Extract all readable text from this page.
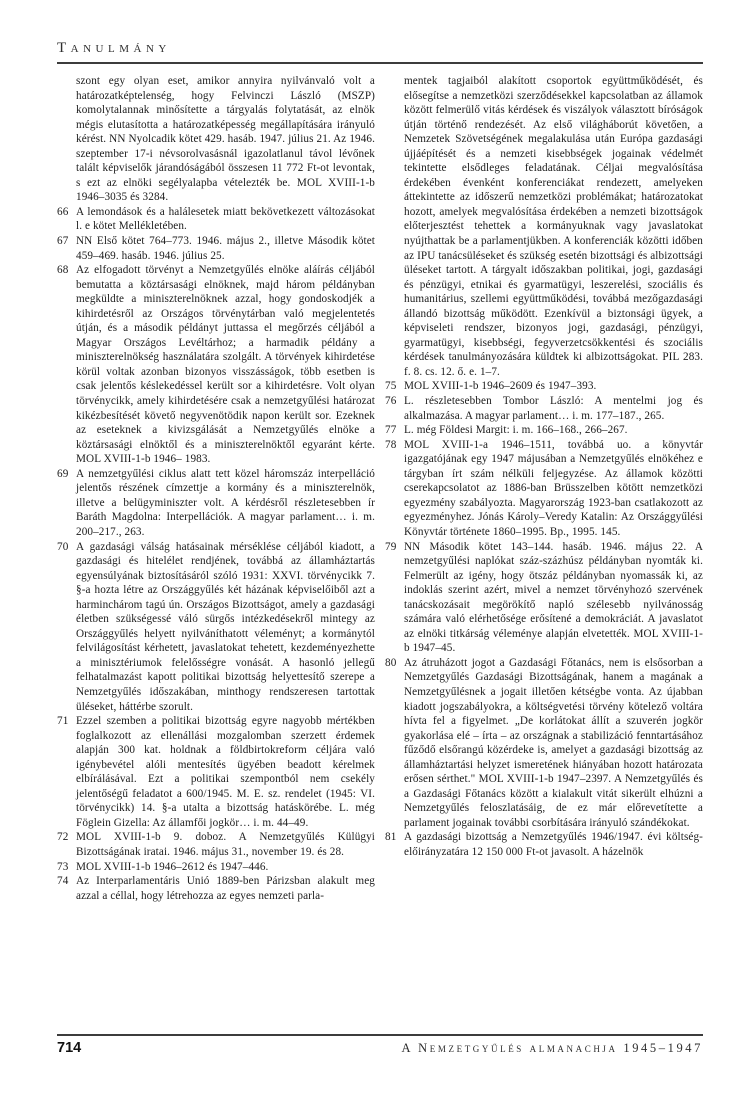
Tanulmány

szont egy olyan eset, amikor annyira nyilvánvaló volt a határozatképtelenség, hogy Felvinczi László (MSZP) komolytalannak minősítette a tárgyalás folytatását, az elnök mégis elutasította a határozatképesség megállapítására irányuló kérést. NN Nyolcadik kötet 429. hasáb. 1947. július 21. Az 1946. szeptember 17-i névsorolvasásnál igazolatlanul távol lévőnek talált képviselők járandóságából összesen 11 772 Ft-ot levontak, s ezt az elnöki segélyalapba vételezték be. MOL XVIII-1-b 1946–3035 és 3284.

66 A lemondások és a halálesetek miatt bekövetkezett változásokat l. e kötet Mellékletében.
67 NN Első kötet 764–773. 1946. május 2., illetve Második kötet 459–469. hasáb. 1946. július 25.
68 Az elfogadott törvényt a Nemzetgyűlés elnöke aláírás céljából bemutatta a köztársasági elnöknek, majd három példányban megküldte a miniszterelnöknek azzal, hogy gondoskodjék a kihirdetésről az Országos törvénytárban való megjelentetés útján, és a második példányt juttassa el megőrzés céljából a Magyar Országos Levéltárhoz; a harmadik példány a miniszterelnökség használatára szolgált. A törvények kihirdetése körül voltak azonban bizonyos visszásságok, több esetben is csak jelentős késlekedéssel került sor a kihirdetésre. Volt olyan törvénycikk, amely kihirdetésére csak a nemzetgyűlési határozat kikézbesítését követő negyvenötödik napon került sor. Ezeknek az eseteknek a kivizsgálását a Nemzetgyűlés elnöke a köztársasági elnöktől és a miniszterelnöktől egyaránt kérte. MOL XVIII-1-b 1946– 1983.
69 A nemzetgyűlési ciklus alatt tett közel háromszáz interpelláció jelentős részének címzettje a kormány és a miniszterelnök, illetve a belügyminiszter volt. A kérdésről részletesebben ír Baráth Magdolna: Interpellációk. A magyar parlament… i. m. 200–217., 263.
70 A gazdasági válság hatásainak mérséklése céljából kiadott, a gazdasági és hitelélet rendjének, továbbá az államháztartás egyensúlyának biztosításáról szóló 1931: XXVI. törvénycikk 7. §-a hozta létre az Országgyűlés két házának képviselőiből azt a harminchárom tagú ún. Országos Bizottságot, amely a gazdasági életben szükségessé váló sürgős intézkedésekről mintegy az Országgyűlés helyett nyilváníthatott véleményt; a kormánytól felvilágosítást kérhetett, javaslatokat tehetett, kezdeményezhette a minisztériumok felelősségre vonását. A hasonló jellegű felhatalmazást kapott politikai bizottság helyettesítő szerepe a Nemzetgyűlés időszakában, minthogy rendszeresen tartottak üléseket, háttérbe szorult.
71 Ezzel szemben a politikai bizottság egyre nagyobb mértékben foglalkozott az ellenállási mozgalomban szerzett érdemek alapján 300 kat. holdnak a földbirtokreform céljára való igénybevétel alóli mentesítés ügyében beadott kérelmek elbírálásával. Ezt a politikai szempontból nem csekély jelentőségű feladatot a 600/1945. M. E. sz. rendelet (1945: VI. törvénycikk) 14. §-a utalta a bizottság hatáskörébe. L. még Föglein Gizella: Az államfői jogkör… i. m. 44–49.
72 MOL XVIII-1-b 9. doboz. A Nemzetgyűlés Külügyi Bizottságának iratai. 1946. május 31., november 19. és 28.
73 MOL XVIII-1-b 1946–2612 és 1947–446.
74 Az Interparlamentáris Unió 1889-ben Párizsban alakult meg azzal a céllal, hogy létrehozza az egyes nemzeti parla-

mentek tagjaiból alakított csoportok együttműködését, és elősegítse a nemzetközi szerződésekkel kapcsolatban az államok között felmerülő vitás kérdések és viszályok választott bíróságok útján történő rendezését. Az első világháborút követően, a Nemzetek Szövetségének megalakulása után Európa gazdasági újjáépítését és a nemzeti kisebbségek jogainak védelmét tekintette elsődleges feladatának. Céljai megvalósítása érdekében évenként konferenciákat rendezett, amelyeken áttekintette az időszerű nemzetközi problémákat; határozatokat hozott, amelyek megvalósítása érdekében a nemzeti bizottságok előterjesztést tehettek a kormányuknak vagy javaslatokat nyújthattak be a parlamentjükben. A konferenciák közötti időben az IPU tanácsüléseket és szükség esetén bizottsági és albizottsági üléseket tartott. A tárgyalt időszakban politikai, jogi, gazdasági és pénzügyi, etnikai és gyarmatügyi, leszerelési, szociális és humanitárius, szellemi együttműködési, továbbá mezőgazdasági állandó bizottság működött. Ezenkívül a biztonsági ügyek, a képviseleti rendszer, bizonyos jogi, gazdasági, pénzügyi, gyarmatügyi, kisebbségi, fegyverzetcsökkentési és szociális kérdések tanulmányozására küldtek ki albizottságokat. PIL 283. f. 8. cs. 12. ő. e. 1–7.

75 MOL XVIII-1-b 1946–2609 és 1947–393.
76 L. részletesebben Tombor László: A mentelmi jog és alkalmazása. A magyar parlament… i. m. 177–187., 265.
77 L. még Földesi Margit: i. m. 166–168., 266–267.
78 MOL XVIII-1-a 1946–1511, továbbá uo. a könyvtár igazgatójának egy 1947 májusában a Nemzetgyűlés elnökéhez e tárgyban írt szám nélküli feljegyzése. Az államok közötti cserekapcsolatot az 1886-ban Brüsszelben kötött nemzetközi egyezmény szabályozta. Magyarország 1923-ban csatlakozott az egyezményhez. Jónás Károly–Veredy Katalin: Az Országgyűlési Könyvtár története 1860–1995. Bp., 1995. 145.
79 NN Második kötet 143–144. hasáb. 1946. május 22. A nemzetgyűlési naplókat száz-százhúsz példányban nyomták ki. Felmerült az igény, hogy ötszáz példányban nyomassák ki, az indoklás szerint azért, mivel a nemzet törvényhozó szervének tanácskozásait megörökítő napló szélesebb nyilvánosság számára való elérhetősége erősítené a demokráciát. A javaslatot az elnöki titkárság véleménye alapján elvetették. MOL XVIII-1-b 1947–45.
80 Az átruházott jogot a Gazdasági Főtanács, nem is elsősorban a Nemzetgyűlés Gazdasági Bizottságának, hanem a magának a Nemzetgyűlésnek a jogait illetően kétségbe vonta. Az újabban kiadott jogszabályokra, a költségvetési törvény kötelező voltára hívta fel a figyelmet. „De korlátokat állít a szuverén jogkör gyakorlása elé – írta – az országnak a stabilizáció fenntartásához fűződő elsőrangú közérdeke is, amelyet a gazdasági bizottság az államháztartási helyzet ismeretének hiányában hozott határozata erősen sérthet." MOL XVIII-1-b 1947–2397. A Nemzetgyűlés és a Gazdasági Főtanács között a kialakult vitát sikerült elhúzni a Nemzetgyűlés feloszlatásáig, de ez már előrevetítette a parlament jogainak további csorbítására irányuló szándékokat.
81 A gazdasági bizottság a Nemzetgyűlés 1946/1947. évi költség-előirányzatára 12 150 000 Ft-ot javasolt. A házelnök
714	A Nemzetgyűlés almanachja 1945–1947
